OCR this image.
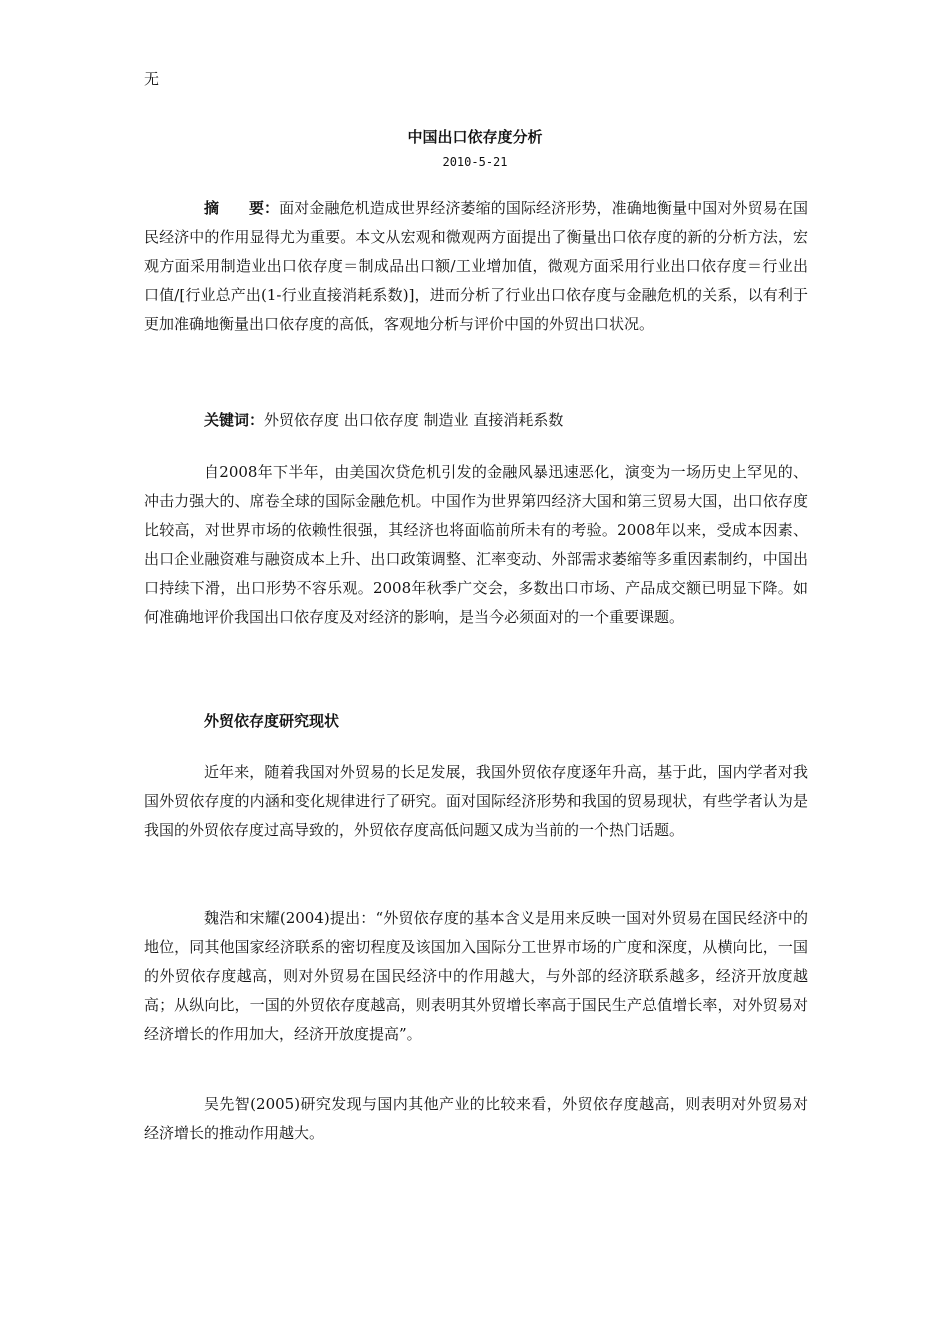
无
中国出口依存度分析
2010-5-21

摘　　要：面对金融危机造成世界经济萎缩的国际经济形势，准确地衡量中国对外贸易在国民经济中的作用显得尤为重要。本文从宏观和微观两方面提出了衡量出口依存度的新的分析方法，宏观方面采用制造业出口依存度＝制成品出口额/工业增加值，微观方面采用行业出口依存度＝行业出口值/[行业总产出(1-行业直接消耗系数)]，进而分析了行业出口依存度与金融危机的关系，以有利于更加准确地衡量出口依存度的高低，客观地分析与评价中国的外贸出口状况。

关键词：外贸依存度 出口依存度 制造业 直接消耗系数

自2008年下半年，由美国次贷危机引发的金融风暴迅速恶化，演变为一场历史上罕见的、冲击力强大的、席卷全球的国际金融危机。中国作为世界第四经济大国和第三贸易大国，出口依存度比较高，对世界市场的依赖性很强，其经济也将面临前所未有的考验。2008年以来，受成本因素、出口企业融资难与融资成本上升、出口政策调整、汇率变动、外部需求萎缩等多重因素制约，中国出口持续下滑，出口形势不容乐观。2008年秋季广交会，多数出口市场、产品成交额已明显下降。如何准确地评价我国出口依存度及对经济的影响，是当今必须面对的一个重要课题。

外贸依存度研究现状

近年来，随着我国对外贸易的长足发展，我国外贸依存度逐年升高，基于此，国内学者对我国外贸依存度的内涵和变化规律进行了研究。面对国际经济形势和我国的贸易现状，有些学者认为是我国的外贸依存度过高导致的，外贸依存度高低问题又成为当前的一个热门话题。

魏浩和宋耀(2004)提出：“外贸依存度的基本含义是用来反映一国对外贸易在国民经济中的地位，同其他国家经济联系的密切程度及该国加入国际分工世界市场的广度和深度，从横向比，一国的外贸依存度越高，则对外贸易在国民经济中的作用越大，与外部的经济联系越多，经济开放度越高；从纵向比，一国的外贸依存度越高，则表明其外贸增长率高于国民生产总值增长率，对外贸易对经济增长的作用加大，经济开放度提高”。

吴先智(2005)研究发现与国内其他产业的比较来看，外贸依存度越高，则表明对外贸易对经济增长的推动作用越大。
